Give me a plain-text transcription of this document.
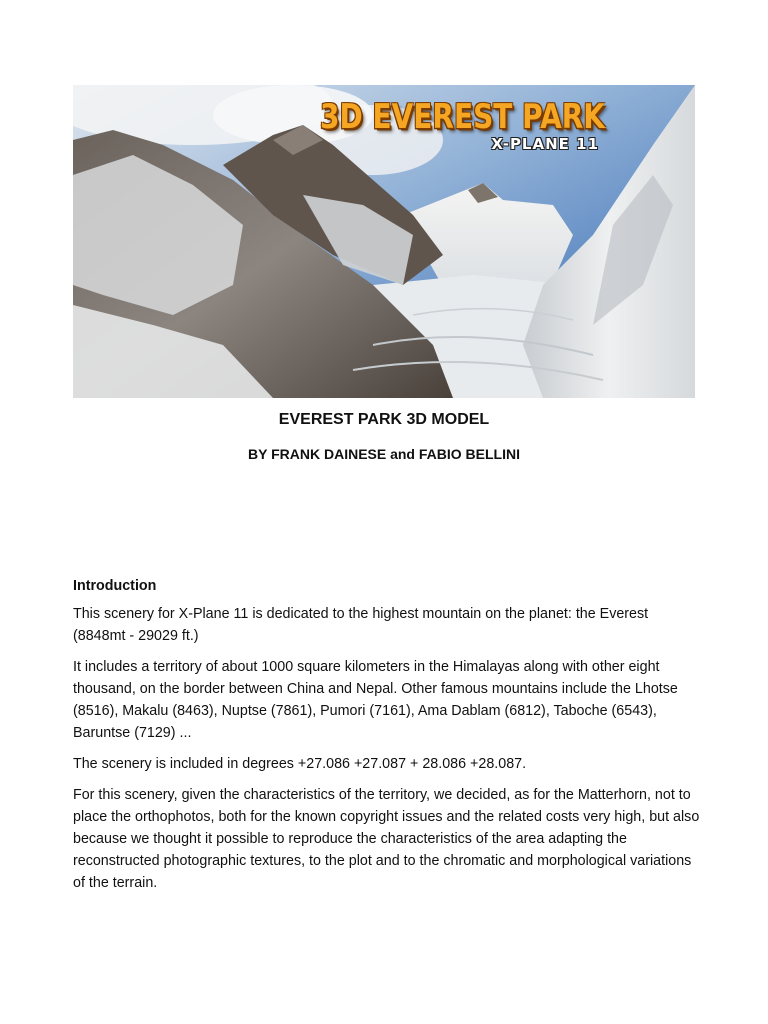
3D EVEREST PARK
X-PLANE 11
EVEREST PARK 3D MODEL
BY FRANK DAINESE and FABIO BELLINI
Introduction

This scenery for X-Plane 11 is dedicated to the highest mountain on the planet: the Everest (8848mt - 29029 ft.)

It includes a territory of about 1000 square kilometers in the Himalayas along with other eight thousand, on the border between China and Nepal. Other famous mountains include the Lhotse (8516), Makalu (8463), Nuptse (7861), Pumori (7161), Ama Dablam (6812), Taboche (6543), Baruntse (7129) ...

The scenery is included in degrees +27.086 +27.087 + 28.086 +28.087.

For this scenery, given the characteristics of the territory, we decided, as for the Matterhorn, not to place the orthophotos, both for the known copyright issues and the related costs very high, but also because we thought it possible to reproduce the characteristics of the area adapting the reconstructed photographic textures, to the plot and to the chromatic and morphological variations of the terrain.
